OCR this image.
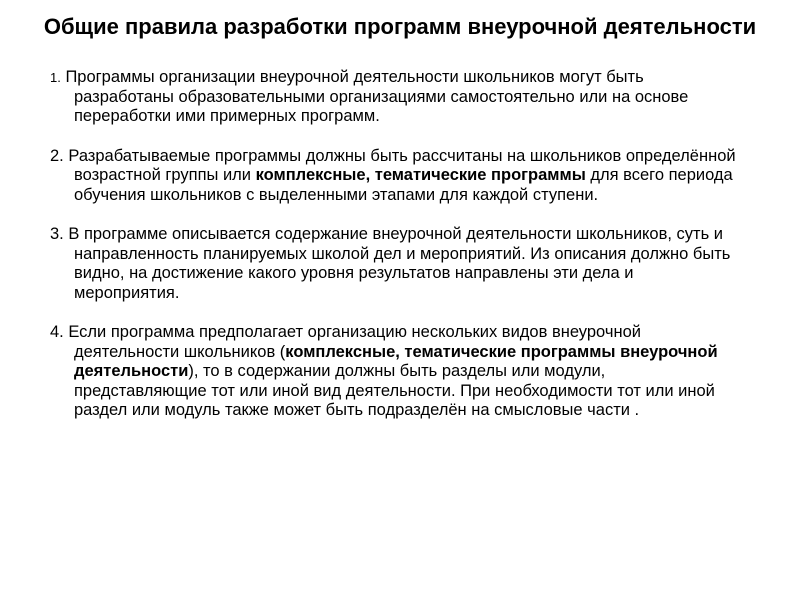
Общие правила разработки программ внеурочной деятельности

1. Программы организации внеурочной деятельности школьников могут быть разработаны образовательными организациями самостоятельно или на основе переработки ими примерных программ.

2. Разрабатываемые программы должны быть рассчитаны на школьников определённой возрастной группы или комплексные, тематические программы для всего периода обучения школьников с выделенными этапами для каждой ступени.

3. В программе описывается содержание внеурочной деятельности школьников, суть и направленность планируемых школой дел и мероприятий. Из описания должно быть видно, на достижение какого уровня результатов направлены эти дела и мероприятия.

4. Если программа предполагает организацию нескольких видов внеурочной деятельности школьников (комплексные, тематические программы внеурочной деятельности), то в содержании должны быть разделы или модули, представляющие тот или иной вид деятельности. При необходимости тот или иной раздел или модуль также может быть подразделён на смысловые части .
